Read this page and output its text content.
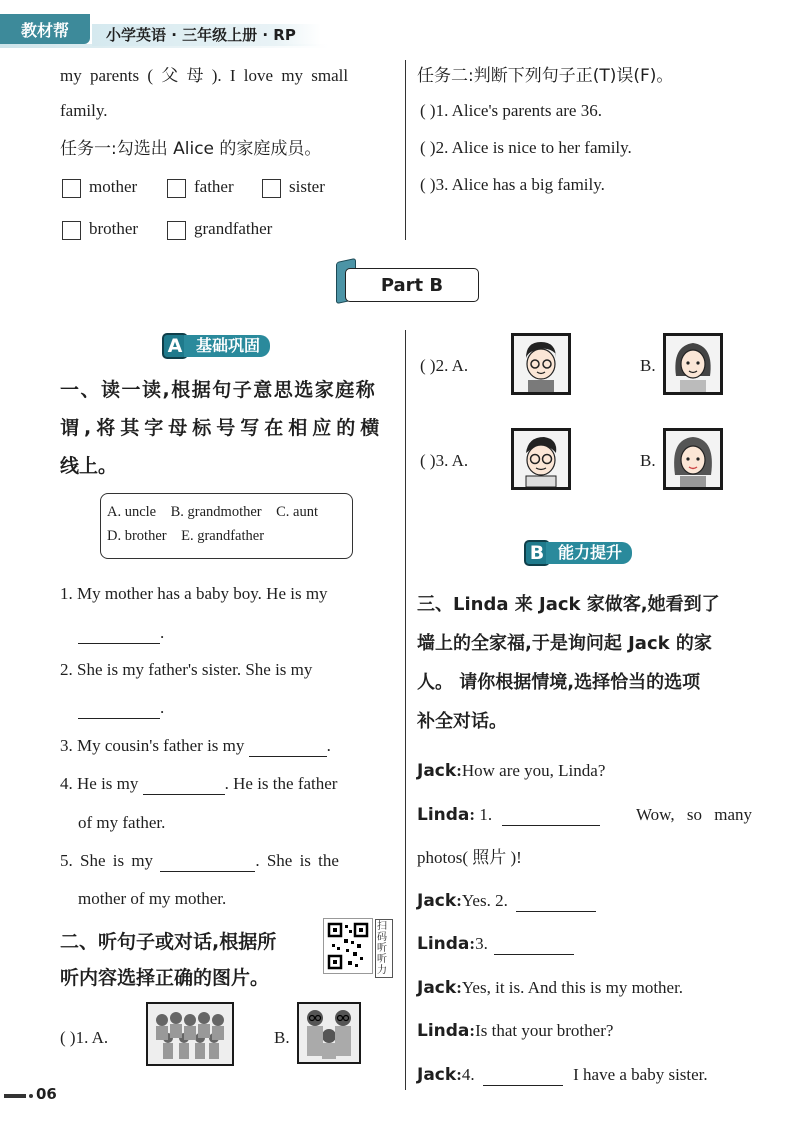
教材帮	小学英语 · 三年级上册 · RP
my parents ( 父 母 ). I love my small
family.
任务一:勾选出 Alice 的家庭成员。
mother	father	sister
brother	grandfather
任务二:判断下列句子正(T)误(F)。
( )1. Alice's parents are 36.
( )2. Alice is nice to her family.
( )3. Alice has a big family.
Part B
A 基础巩固
一、读一读,根据句子意思选家庭称
谓,将其字母标号写在相应的横
线上。
A. uncle    B. grandmother    C. aunt
D. brother    E. grandfather
1. My mother has a baby boy. He is my
.
2. She is my father's sister. She is my
.
3. My cousin's father is my	.
4. He is my	. He is the father
of my father.
5. She is my	. She is the
mother of my mother.
二、听句子或对话,根据所
听内容选择正确的图片。
扫码听听力
( )1. A.	B.
( )2. A.	B.
( )3. A.	B.
B 能力提升
三、Linda 来 Jack 家做客,她看到了
墙上的全家福,于是询问起 Jack 的家
人。 请你根据情境,选择恰当的选项
补全对话。
Jack:How are you, Linda?
Linda: 1.	Wow, so many
photos( 照片 )!
Jack:Yes. 2.
Linda:3.
Jack:Yes, it is. And this is my mother.
Linda:Is that your brother?
Jack:4.	I have a baby sister.
06
